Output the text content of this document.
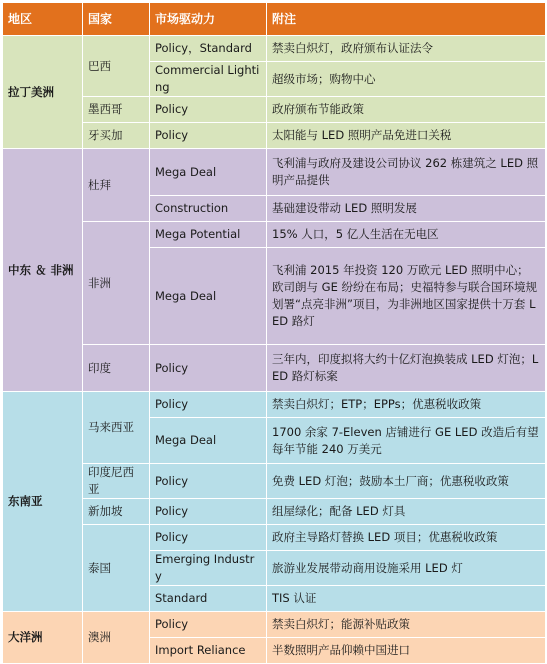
地区	国家	市场驱动力	附注
拉丁美洲	巴西	Policy，Standard	禁卖白炽灯，政府颁布认证法令
		Commercial Lighting	超级市场；购物中心
	墨西哥	Policy	政府颁布节能政策
	牙买加	Policy	太阳能与 LED 照明产品免进口关税
中东 ＆ 非洲	杜拜	Mega Deal	飞利浦与政府及建设公司协议 262 栋建筑之 LED 照明产品提供
		Construction	基础建设带动 LED 照明发展
	非洲	Mega Potential	15% 人口，5 亿人生活在无电区
		Mega Deal	飞利浦 2015 年投资 120 万欧元 LED 照明中心；欧司朗与 GE 纷纷在布局；史福特参与联合国环境规划署“点亮非洲”项目，为非洲地区国家提供十万套 LED 路灯
	印度	Policy	三年内，印度拟将大约十亿灯泡换装成 LED 灯泡；LED 路灯标案
东南亚	马来西亚	Policy	禁卖白炽灯；ETP；EPPs；优惠税收政策
		Mega Deal	1700 余家 7-Eleven 店铺进行 GE LED 改造后有望每年节能 240 万美元
	印度尼西亚	Policy	免费 LED 灯泡；鼓励本土厂商；优惠税收政策
	新加坡	Policy	组屋绿化；配备 LED 灯具
	泰国	Policy	政府主导路灯替换 LED 项目；优惠税收政策
		Emerging Industry	旅游业发展带动商用设施采用 LED 灯
		Standard	TIS 认证
大洋洲	澳洲	Policy	禁卖白炽灯；能源补贴政策
		Import Reliance	半数照明产品仰赖中国进口
